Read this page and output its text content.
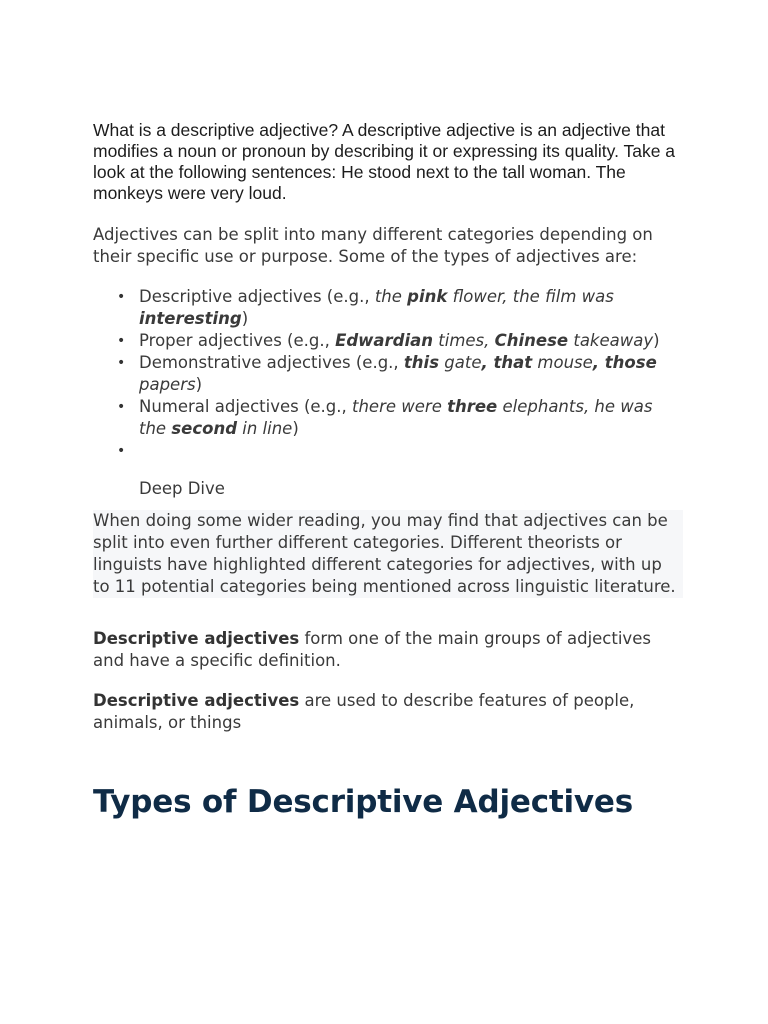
What is a descriptive adjective? A descriptive adjective is an adjective that modifies a noun or pronoun by describing it or expressing its quality. Take a look at the following sentences: He stood next to the tall woman. The monkeys were very loud.

Adjectives can be split into many different categories depending on their specific use or purpose. Some of the types of adjectives are:

• Descriptive adjectives (e.g., the pink flower, the film was interesting)
• Proper adjectives (e.g., Edwardian times, Chinese takeaway)
• Demonstrative adjectives (e.g., this gate, that mouse, those papers)
• Numeral adjectives (e.g., there were three elephants, he was the second in line)
•
Deep Dive

When doing some wider reading, you may find that adjectives can be split into even further different categories. Different theorists or linguists have highlighted different categories for adjectives, with up to 11 potential categories being mentioned across linguistic literature.

Descriptive adjectives form one of the main groups of adjectives and have a specific definition.

Descriptive adjectives are used to describe features of people, animals, or things

Types of Descriptive Adjectives
